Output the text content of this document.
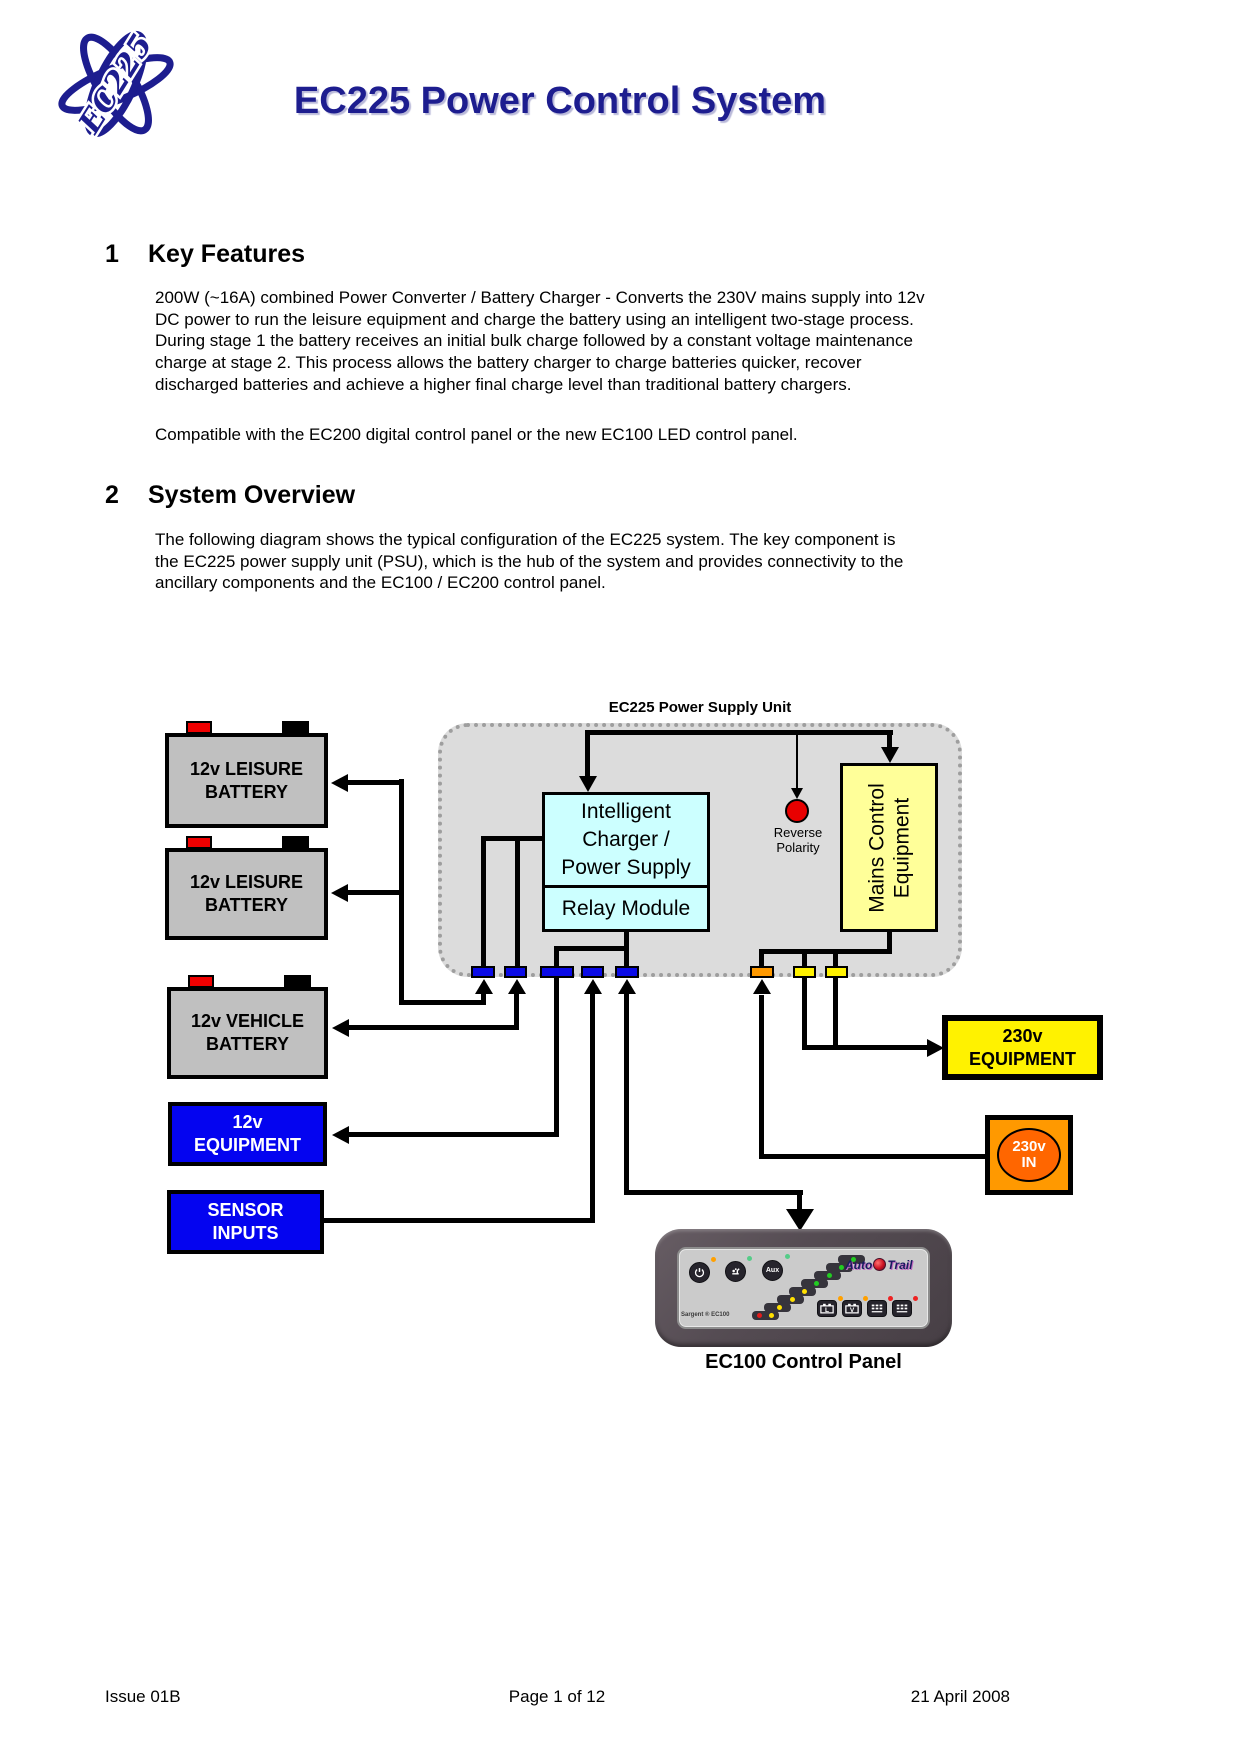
EC225	EC225 Power Control System
1 Key Features
200W (~16A) combined Power Converter / Battery Charger - Converts the 230V mains supply into 12v
DC power to run the leisure equipment and charge the battery using an intelligent two-stage process.
During stage 1 the battery receives an initial bulk charge followed by a constant voltage maintenance
charge at stage 2. This process allows the battery charger to charge batteries quicker, recover
discharged batteries and achieve a higher final charge level than traditional battery chargers.
Compatible with the EC200 digital control panel or the new EC100 LED control panel.
2 System Overview
The following diagram shows the typical configuration of the EC225 system. The key component is
the EC225 power supply unit (PSU), which is the hub of the system and provides connectivity to the
ancillary components and the EC100 / EC200 control panel.
EC225 Power Supply Unit
Reverse
Polarity
Intelligent
Charger /
Power Supply
Relay Module	Mains Control Equipment
12v LEISURE
BATTERY
12v LEISURE
BATTERY
12v VEHICLE
BATTERY
12v
EQUIPMENT
SENSOR
INPUTS
230v
EQUIPMENT
230v
IN
Aux	Auto Trail
L	V
Sargent ® EC100
EC100 Control Panel
Issue 01B	Page 1 of 12	21 April 2008
